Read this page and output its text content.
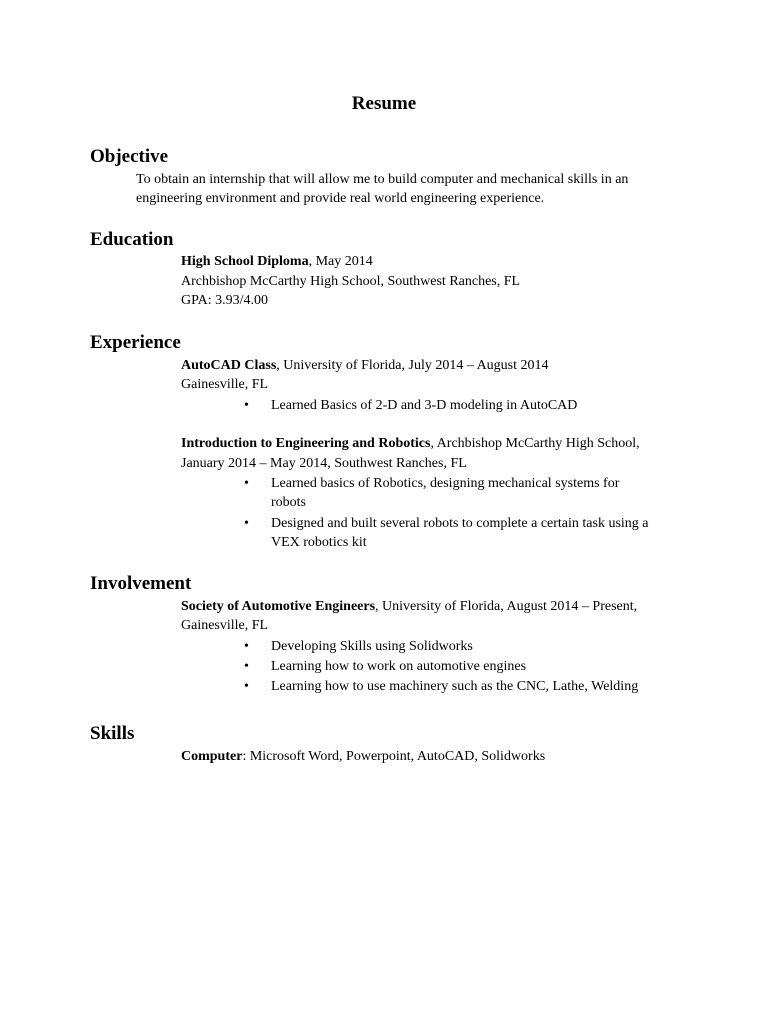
Resume
Objective
To obtain an internship that will allow me to build computer and mechanical skills in an
engineering environment and provide real world engineering experience.
Education
High School Diploma, May 2014
Archbishop McCarthy High School, Southwest Ranches, FL
GPA: 3.93/4.00
Experience
AutoCAD Class, University of Florida, July 2014 – August 2014
Gainesville, FL
• Learned Basics of 2-D and 3-D modeling in AutoCAD
Introduction to Engineering and Robotics, Archbishop McCarthy High School,
January 2014 – May 2014, Southwest Ranches, FL
• Learned basics of Robotics, designing mechanical systems for
robots
• Designed and built several robots to complete a certain task using a
VEX robotics kit
Involvement
Society of Automotive Engineers, University of Florida, August 2014 – Present,
Gainesville, FL
• Developing Skills using Solidworks
• Learning how to work on automotive engines
• Learning how to use machinery such as the CNC, Lathe, Welding
Skills
Computer: Microsoft Word, Powerpoint, AutoCAD, Solidworks
